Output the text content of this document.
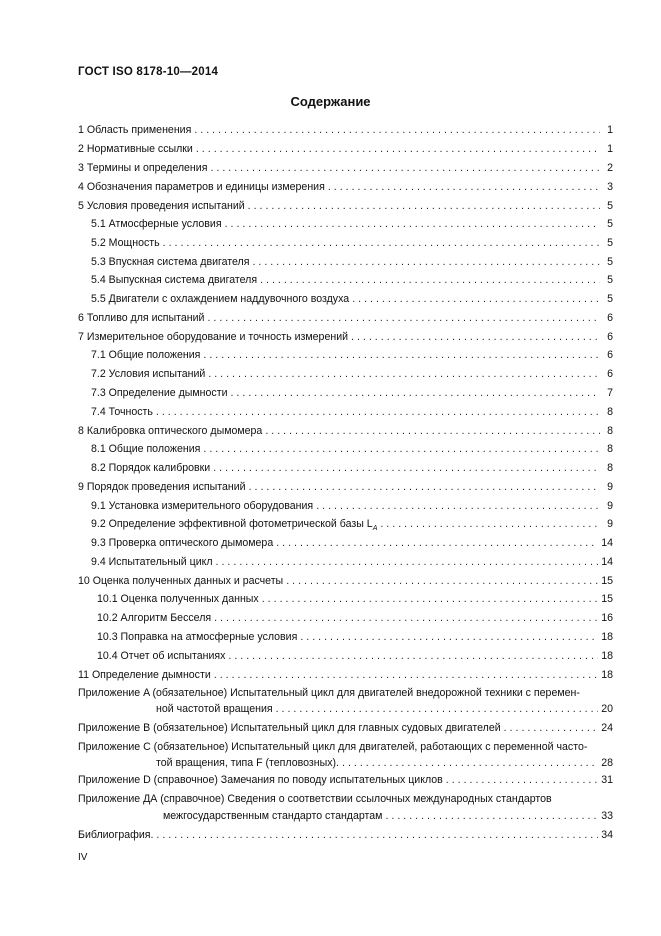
ГОСТ ISO 8178-10—2014
Содержание
1 Область применения .....	1
2 Нормативные ссылки .....	1
3 Термины и определения .....	2
4 Обозначения параметров и единицы измерения .....	3
5 Условия проведения испытаний .....	5
5.1 Атмосферные условия .....	5
5.2 Мощность .....	5
5.3 Впускная система двигателя .....	5
5.4 Выпускная система двигателя .....	5
5.5 Двигатели с охлаждением наддувочного воздуха .....	5
6 Топливо для испытаний .....	6
7 Измерительное оборудование и точность измерений .....	6
7.1 Общие положения .....	6
7.2 Условия испытаний .....	6
7.3 Определение дымности .....	7
7.4 Точность .....	8
8 Калибровка оптического дымомера .....	8
8.1 Общие положения .....	8
8.2 Порядок калибровки .....	8
9 Порядок проведения испытаний .....	9
9.1 Установка измерительного оборудования .....	9
9.2 Определение эффективной фотометрической базы $L_A$ .....	9
9.3 Проверка оптического дымомера .....	14
9.4 Испытательный цикл .....	14
10 Оценка полученных данных и расчеты .....	15
10.1 Оценка полученных данных .....	15
10.2 Алгоритм Бесселя .....	16
10.3 Поправка на атмосферные условия .....	18
10.4 Отчет об испытаниях .....	18
11 Определение дымности .....	18
Приложение A (обязательное) Испытательный цикл для двигателей внедорожной техники с перемен-
ной частотой вращения .....	20
Приложение B (обязательное) Испытательный цикл для главных судовых двигателей .....	24
Приложение C (обязательное) Испытательный цикл для двигателей, работающих с переменной часто-
той вращения, типа F (тепловозных). .....	28
Приложение D (справочное) Замечания по поводу испытательных циклов .....	31
Приложение ДА (справочное) Сведения о соответствии ссылочных международных стандартов
межгосударственным стандарто стандартам .....	33
Библиография. .....	34
IV
